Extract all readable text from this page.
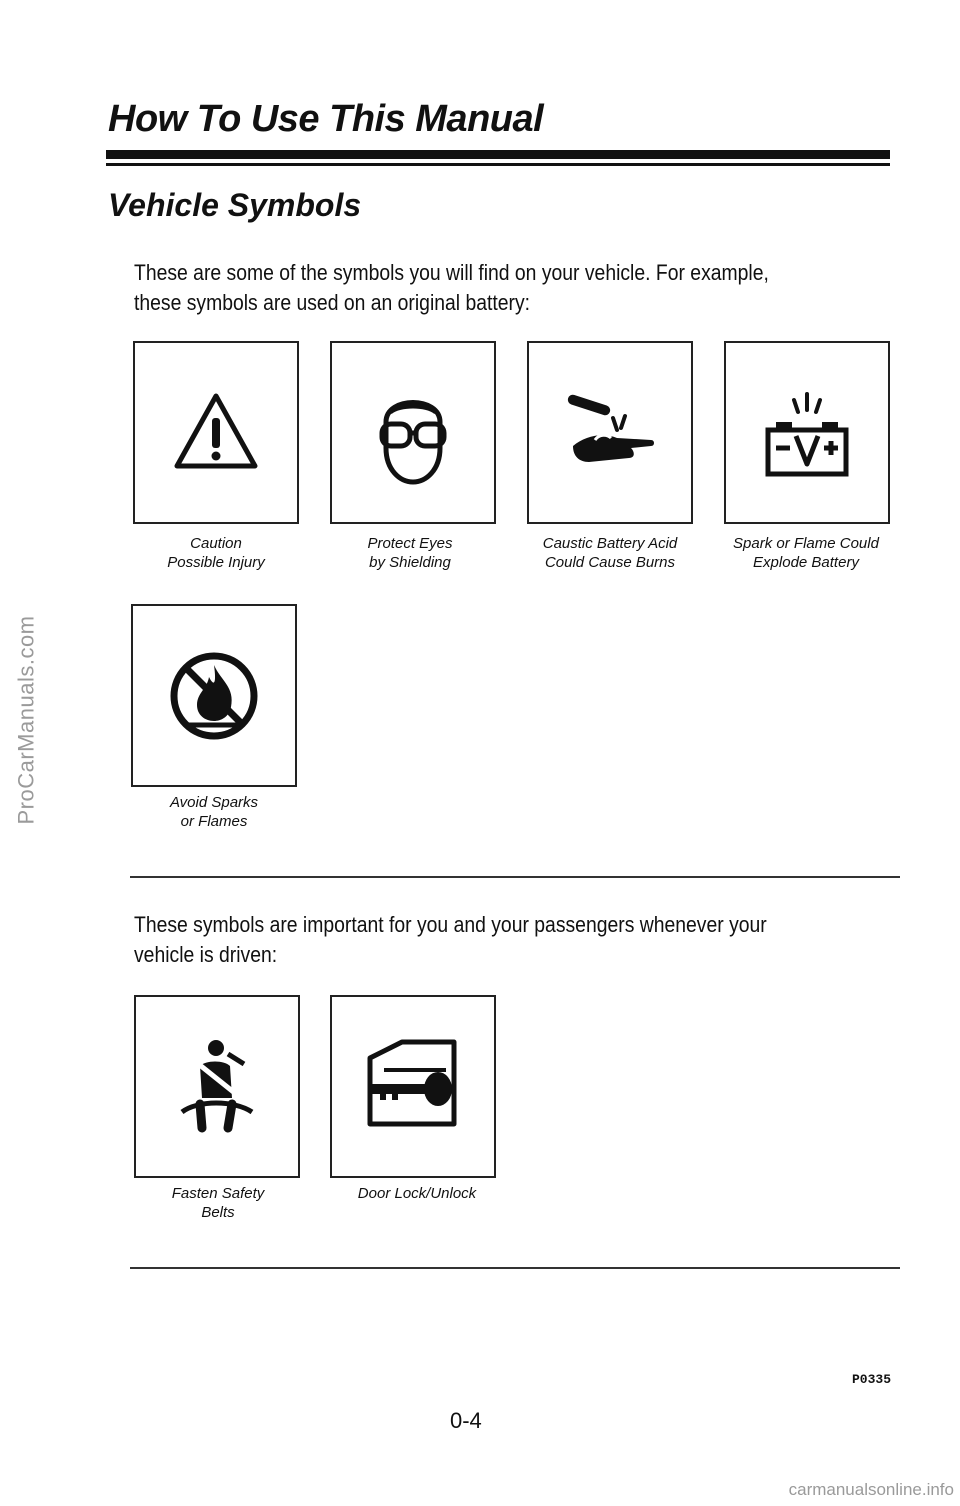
ProCarManuals.com
How To Use This Manual
Vehicle Symbols
These are some of the symbols you will find on your vehicle. For example, these symbols are used on an original battery:
Caution
Possible Injury
Protect Eyes
by Shielding
Caustic Battery Acid
Could Cause Burns
Spark or Flame Could
Explode Battery
Avoid Sparks
or Flames
These symbols are important for you and your passengers whenever your vehicle is driven:
Fasten Safety
Belts
Door Lock/Unlock
P0335
0-4
carmanualsonline.info
